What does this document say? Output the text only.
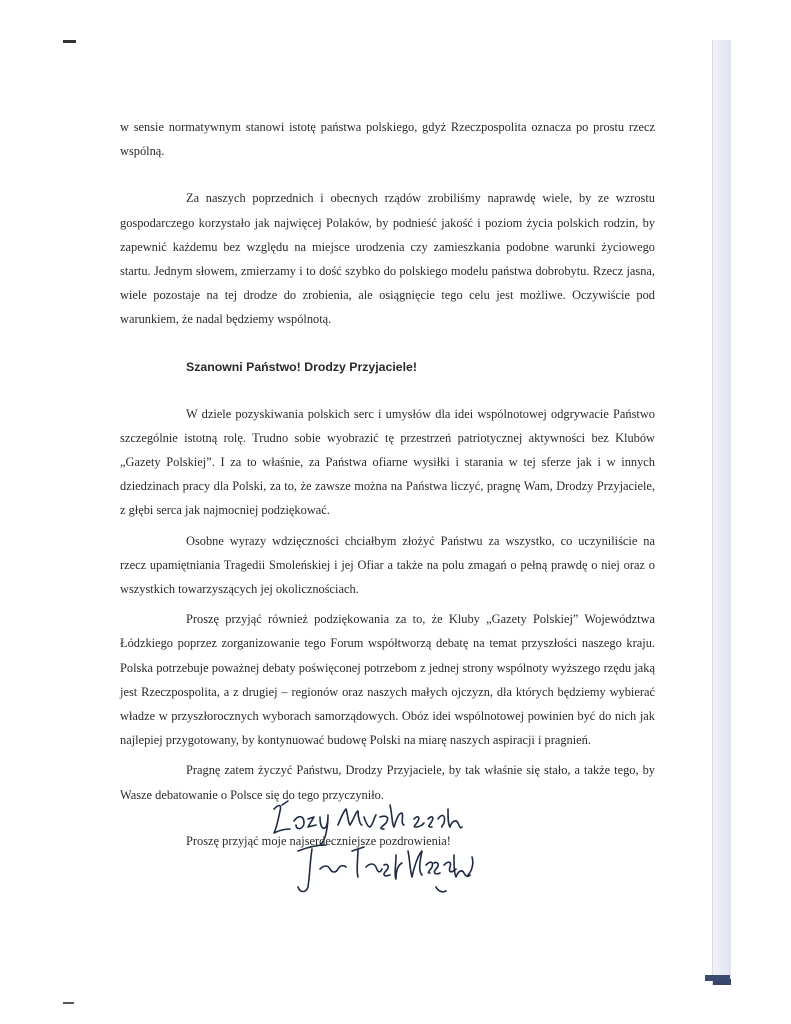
w sensie normatywnym stanowi istotę państwa polskiego, gdyż Rzeczpospolita oznacza po prostu rzecz wspólną.

Za naszych poprzednich i obecnych rządów zrobiliśmy naprawdę wiele, by ze wzrostu gospodarczego korzystało jak najwięcej Polaków, by podnieść jakość i poziom życia polskich rodzin, by zapewnić każdemu bez względu na miejsce urodzenia czy zamieszkania podobne warunki życiowego startu. Jednym słowem, zmierzamy i to dość szybko do polskiego modelu państwa dobrobytu. Rzecz jasna, wiele pozostaje na tej drodze do zrobienia, ale osiągnięcie tego celu jest możliwe. Oczywiście pod warunkiem, że nadal będziemy wspólnotą.

Szanowni Państwo! Drodzy Przyjaciele!

W dziele pozyskiwania polskich serc i umysłów dla idei wspólnotowej odgrywacie Państwo szczególnie istotną rolę. Trudno sobie wyobrazić tę przestrzeń patriotycznej aktywności bez Klubów „Gazety Polskiej”. I za to właśnie, za Państwa ofiarne wysiłki i starania w tej sferze jak i w innych dziedzinach pracy dla Polski, za to, że zawsze można na Państwa liczyć, pragnę Wam, Drodzy Przyjaciele, z głębi serca jak najmocniej podziękować.

Osobne wyrazy wdzięczności chciałbym złożyć Państwu za wszystko, co uczyniliście na rzecz upamiętniania Tragedii Smoleńskiej i jej Ofiar a także na polu zmagań o pełną prawdę o niej oraz o wszystkich towarzyszących jej okolicznościach.

Proszę przyjąć również podziękowania za to, że Kluby „Gazety Polskiej” Województwa Łódzkiego poprzez zorganizowanie tego Forum współtworzą debatę na temat przyszłości naszego kraju. Polska potrzebuje poważnej debaty poświęconej potrzebom z jednej strony wspólnoty wyższego rzędu jaką jest Rzeczpospolita, a z drugiej – regionów oraz naszych małych ojczyzn, dla których będziemy wybierać władze w przyszłorocznych wyborach samorządowych. Obóz idei wspólnotowej powinien być do nich jak najlepiej przygotowany, by kontynuować budowę Polski na miarę naszych aspiracji i pragnień.

Pragnę zatem życzyć Państwu, Drodzy Przyjaciele, by tak właśnie się stało, a także tego, by Wasze debatowanie o Polsce się do tego przyczyniło.

Proszę przyjąć moje najserdeczniejsze pozdrowienia!
